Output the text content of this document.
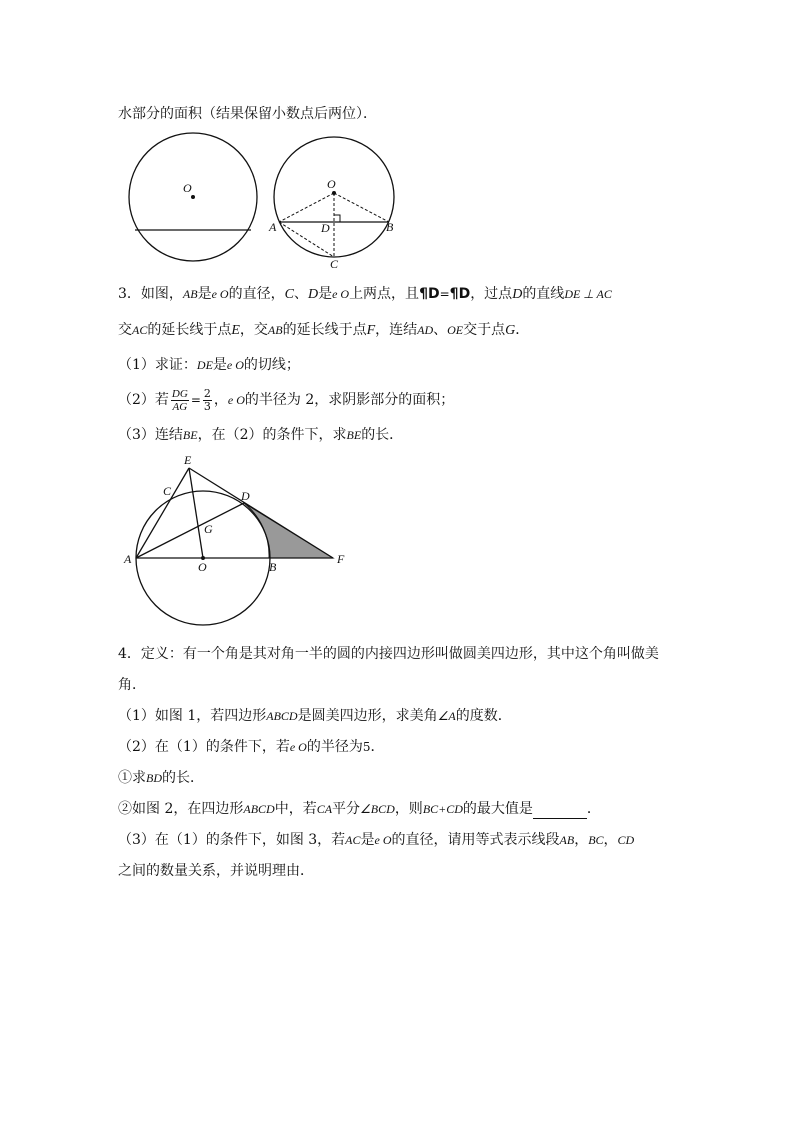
水部分的面积（结果保留小数点后两位）．
O	O
A	D	B
C
3．如图，AB是e O的直径，C、D是e O上两点，且¶D=¶D，过点D的直线DE ⊥ AC
交AC的延长线于点E，交AB的延长线于点F，连结AD、OE交于点G．
（1）求证：DE是e O的切线；
（2）若 $\frac{DG}{AG} = \frac{2}{3}$ ，e O的半径为 2，求阴影部分的面积；
（3）连结BE，在（2）的条件下，求BE的长．
E
C	D
G
A
O	B
F
4．定义：有一个角是其对角一半的圆的内接四边形叫做圆美四边形，其中这个角叫做美
角．
（1）如图 1，若四边形ABCD是圆美四边形，求美角∠A的度数．
（2）在（1）的条件下，若e O的半径为5．
①求BD的长．
②如图 2，在四边形ABCD中，若CA平分∠BCD，则BC+CD的最大值是	．
（3）在（1）的条件下，如图 3，若AC是e O的直径，请用等式表示线段AB，BC，CD
之间的数量关系，并说明理由．
